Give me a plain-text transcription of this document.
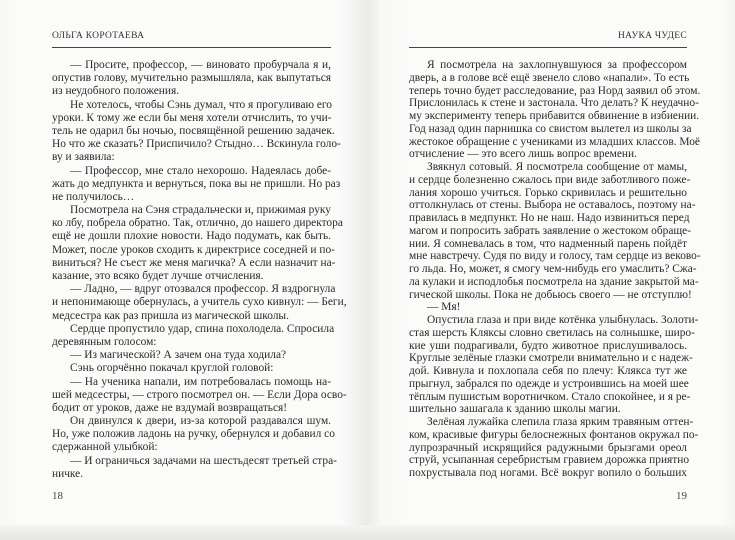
ОЛЬГА КОРОТАЕВА
— Просите, профессор, — виновато пробурчала я и,
опустив голову, мучительно размышляла, как выпутаться
из неудобного положения.
Не хотелось, чтобы Сэнь думал, что я прогуливаю его
уроки. К тому же если бы меня хотели отчислить, то учи-
тель не одарил бы ночью, посвящённой решению задачек.
Но что же сказать? Приспичило? Стыдно… Вскинула голо-
ву и заявила:
— Профессор, мне стало нехорошо. Надеялась добе-
жать до медпункта и вернуться, пока вы не пришли. Но раз
не получилось…
Посмотрела на Сэня страдальчески и, прижимая руку
ко лбу, побрела обратно. Так, отлично, до нашего директора
ещё не дошли плохие новости. Надо подумать, как быть.
Может, после уроков сходить к директрисе соседней и по-
виниться? Не съест же меня магичка? А если назначит на-
казание, это всяко будет лучше отчисления.
— Ладно, — вдруг отозвался профессор. Я вздрогнула
и непонимающе обернулась, а учитель сухо кивнул: — Беги,
медсестра как раз пришла из магической школы.
Сердце пропустило удар, спина похолодела. Спросила
деревянным голосом:
— Из магической? А зачем она туда ходила?
Сэнь огорчённо покачал круглой головой:
— На ученика напали, им потребовалась помощь на-
шей медсестры, — строго посмотрел он. — Если Дора осво-
бодит от уроков, даже не вздумай возвращаться!
Он двинулся к двери, из-за которой раздавался шум.
Но, уже положив ладонь на ручку, обернулся и добавил со
сдержанной улыбкой:
— И ограничься задачами на шестьдесят третьей стра-
ничке.
18
НАУКА ЧУДЕС
Я посмотрела на захлопнувшуюся за профессором
дверь, а в голове всё ещё звенело слово «напали». То есть
теперь точно будет расследование, раз Норд заявил об этом.
Прислонилась к стене и застонала. Что делать? К неудачно-
му эксперименту теперь прибавится обвинение в избиении.
Год назад один парнишка со свистом вылетел из школы за
жестокое обращение с учениками из младших классов. Моё
отчисление — это всего лишь вопрос времени.
Звякнул сотовый. Я посмотрела сообщение от мамы,
и сердце болезненно сжалось при виде заботливого поже-
лания хорошо учиться. Горько скривилась и решительно
оттолкнулась от стены. Выбора не оставалось, поэтому на-
правилась в медпункт. Но не наш. Надо извиниться перед
магом и попросить забрать заявление о жестоком обраще-
нии. Я сомневалась в том, что надменный парень пойдёт
мне навстречу. Судя по виду и голосу, там сердце из веково-
го льда. Но, может, я смогу чем-нибудь его умаслить? Сжа-
ла кулаки и исподлобья посмотрела на здание закрытой ма-
гической школы. Пока не добьюсь своего — не отступлю!
— Мя!
Опустила глаза и при виде котёнка улыбнулась. Золоти-
стая шерсть Кляксы словно светилась на солнышке, широ-
кие уши подрагивали, будто животное прислушивалось.
Круглые зелёные глазки смотрели внимательно и с надеж-
дой. Кивнула и похлопала себя по плечу: Клякса тут же
прыгнул, забрался по одежде и устроившись на моей шее
тёплым пушистым воротничком. Стало спокойнее, и я ре-
шительно зашагала к зданию школы магии.
Зелёная лужайка слепила глаза ярким травяным оттен-
ком, красивые фигуры белоснежных фонтанов окружал по-
лупрозрачный искрящийся радужными брызгами ореол
струй, усыпанная серебристым гравием дорожка приятно
похрустывала под ногами. Всё вокруг вопило о больших
19
